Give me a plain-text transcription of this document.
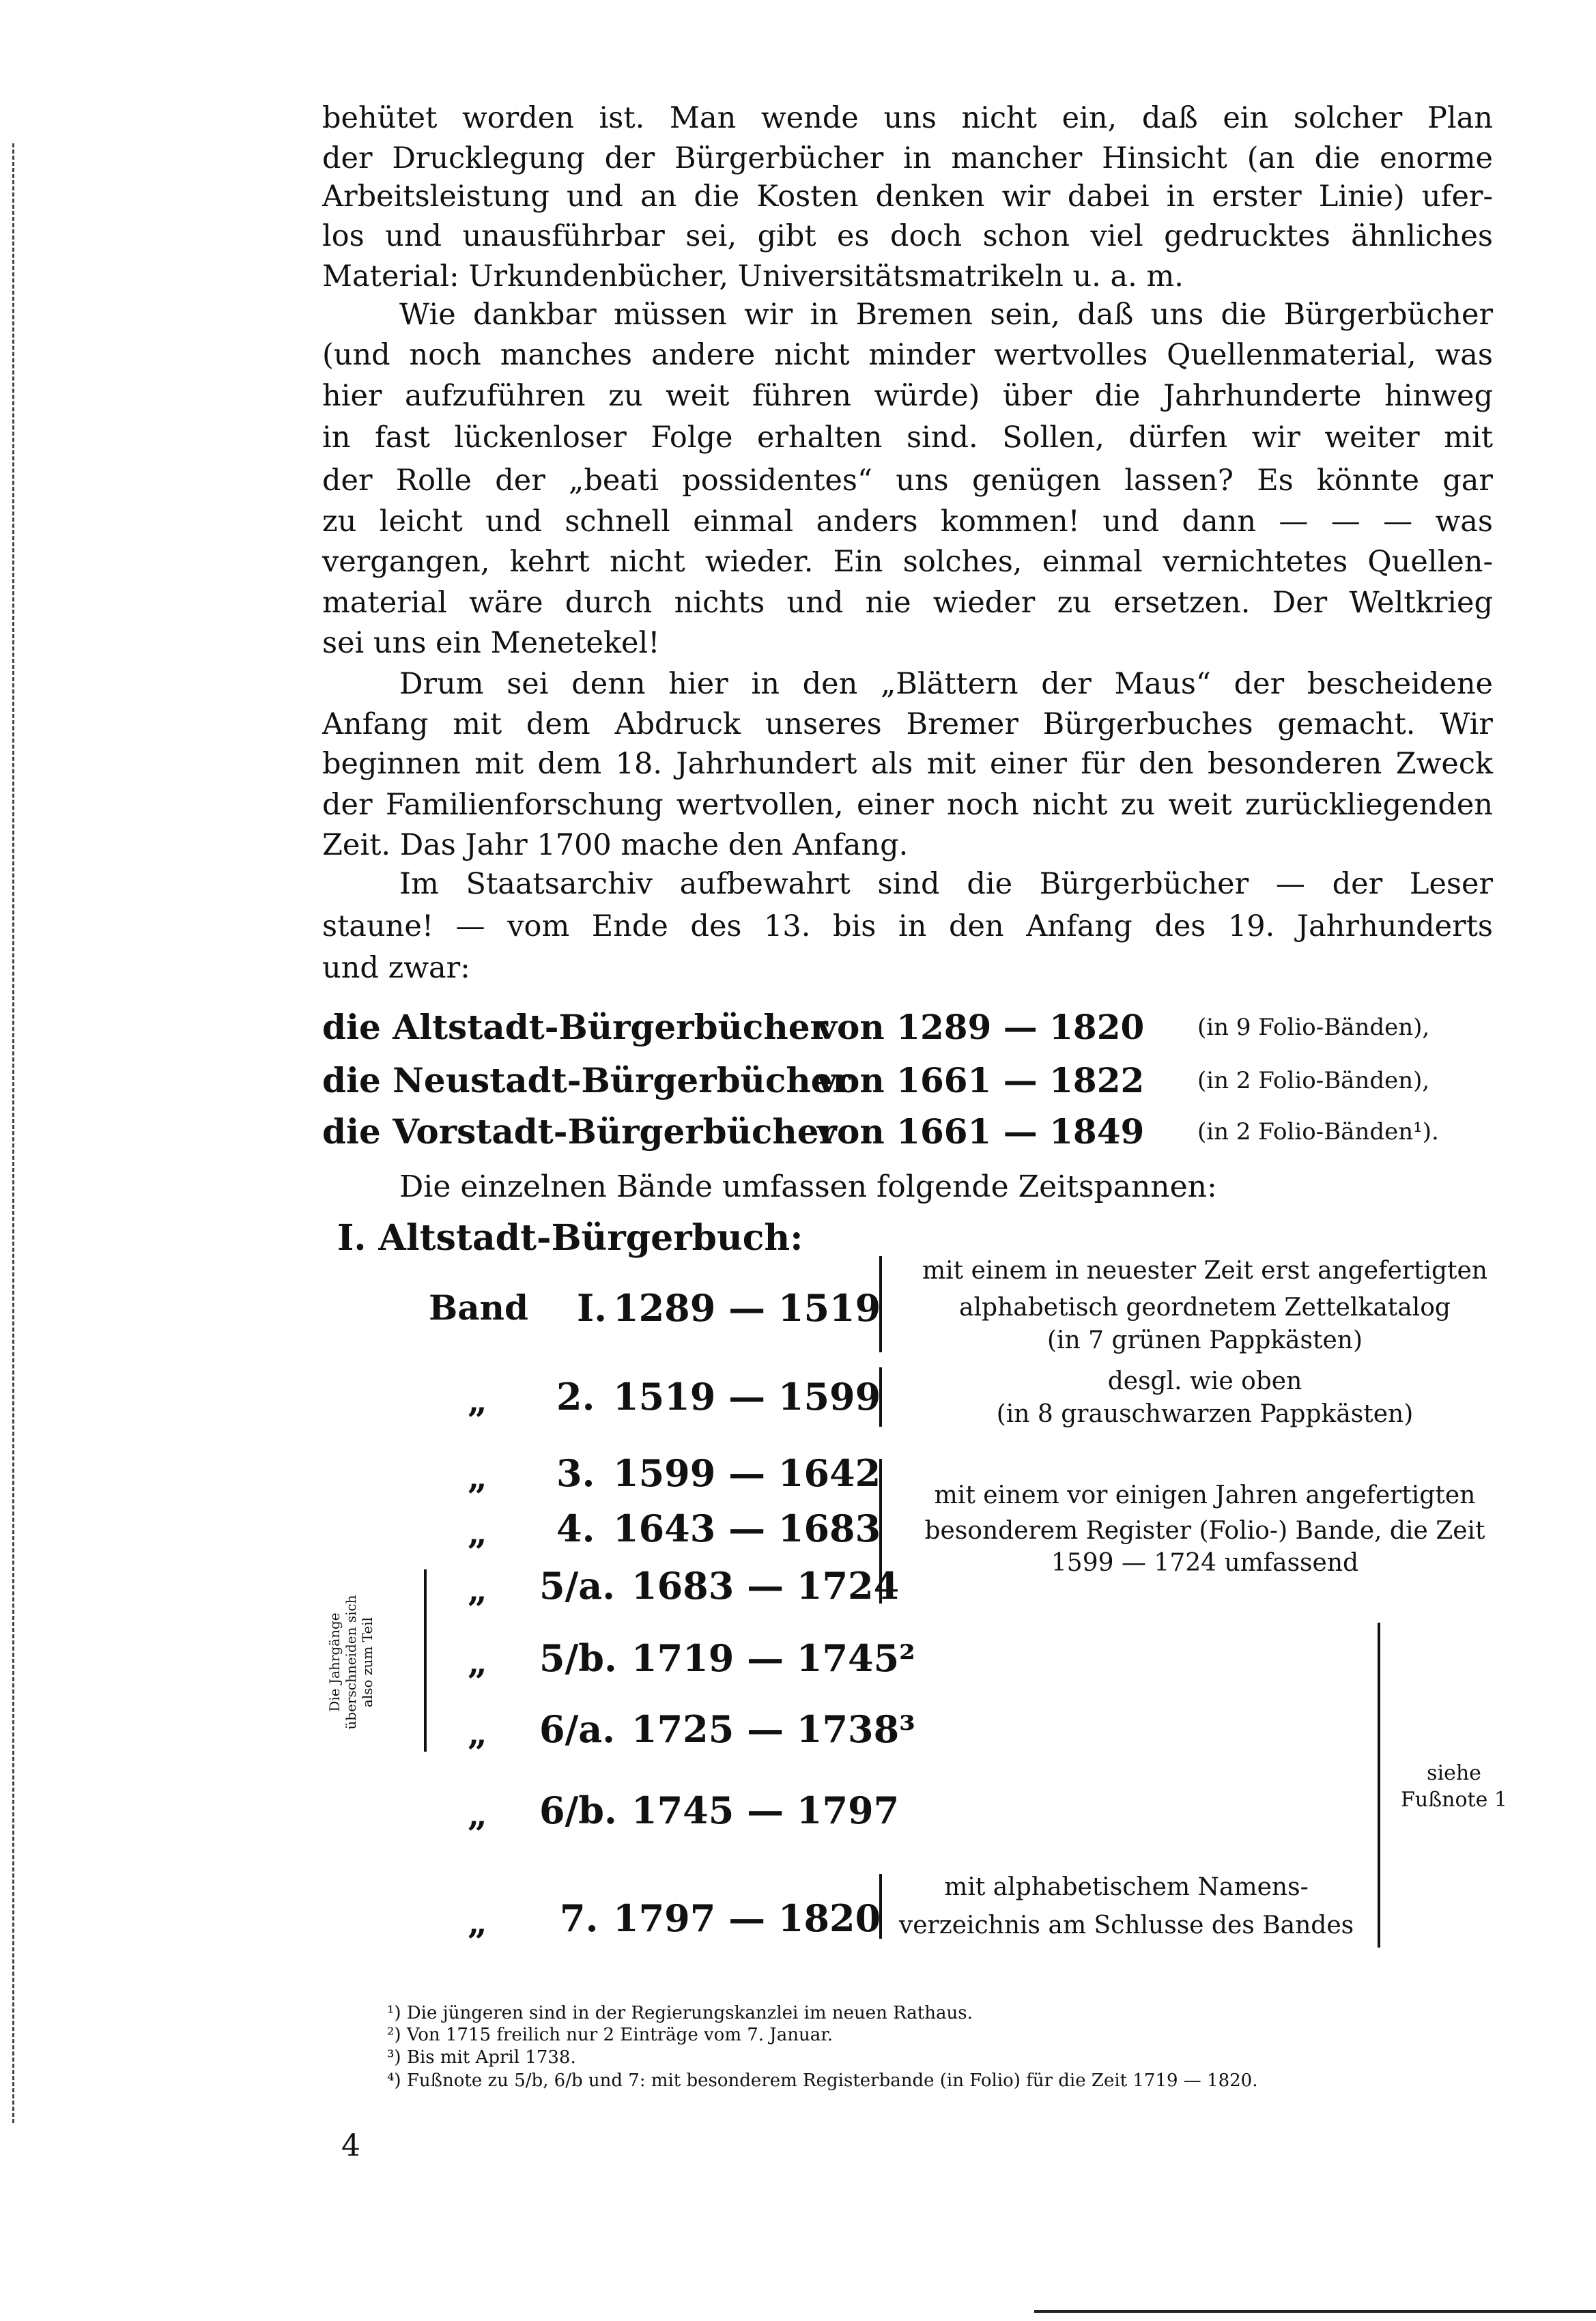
behütet worden ist. Man wende uns nicht ein, daß ein solcher Plan
der Drucklegung der Bürgerbücher in mancher Hinsicht (an die enorme
Arbeitsleistung und an die Kosten denken wir dabei in erster Linie) ufer-
los und unausführbar sei, gibt es doch schon viel gedrucktes ähnliches
Material: Urkundenbücher, Universitätsmatrikeln u. a. m.
Wie dankbar müssen wir in Bremen sein, daß uns die Bürgerbücher
(und noch manches andere nicht minder wertvolles Quellenmaterial, was
hier aufzuführen zu weit führen würde) über die Jahrhunderte hinweg
in fast lückenloser Folge erhalten sind. Sollen, dürfen wir weiter mit
der Rolle der „beati possidentes“ uns genügen lassen? Es könnte gar
zu leicht und schnell einmal anders kommen! und dann — — — was
vergangen, kehrt nicht wieder. Ein solches, einmal vernichtetes Quellen-
material wäre durch nichts und nie wieder zu ersetzen. Der Weltkrieg
sei uns ein Menetekel!
Drum sei denn hier in den „Blättern der Maus“ der bescheidene
Anfang mit dem Abdruck unseres Bremer Bürgerbuches gemacht. Wir
beginnen mit dem 18. Jahrhundert als mit einer für den besonderen Zweck
der Familienforschung wertvollen, einer noch nicht zu weit zurückliegenden
Zeit. Das Jahr 1700 mache den Anfang.
Im Staatsarchiv aufbewahrt sind die Bürgerbücher — der Leser
staune! — vom Ende des 13. bis in den Anfang des 19. Jahrhunderts
und zwar:
die Altstadt-Bürgerbücher
von 1289 — 1820 (in 9 Folio-Bänden),
die Neustadt-Bürgerbücher
von 1661 — 1822 (in 2 Folio-Bänden),
die Vorstadt-Bürgerbücher
von 1661 — 1849 (in 2 Folio-Bänden¹).
Die einzelnen Bände umfassen folgende Zeitspannen:
I. Altstadt-Bürgerbuch:
Band I. 1289 — 1519
„ 2. 1519 — 1599
„ 3. 1599 — 1642
„ 4. 1643 — 1683
„ 5/a. 1683 — 1724
„ 5/b. 1719 — 1745²
„ 6/a. 1725 — 1738³
„ 6/b. 1745 — 1797
„ 7. 1797 — 1820
mit einem in neuester Zeit erst angefertigten
alphabetisch geordnetem Zettelkatalog
(in 7 grünen Pappkästen)
desgl. wie oben
(in 8 grauschwarzen Pappkästen)
mit einem vor einigen Jahren angefertigten
besonderem Register (Folio-) Bande, die Zeit
1599 — 1724 umfassend
mit alphabetischem Namens-
verzeichnis am Schlusse des Bandes
siehe
Fußnote 1
Die Jahrgänge überschneiden sich also zum Teil
¹) Die jüngeren sind in der Regierungskanzlei im neuen Rathaus.
²) Von 1715 freilich nur 2 Einträge vom 7. Januar.
³) Bis mit April 1738.
⁴) Fußnote zu 5/b, 6/b und 7: mit besonderem Registerbande (in Folio) für die Zeit 1719 — 1820.
4
